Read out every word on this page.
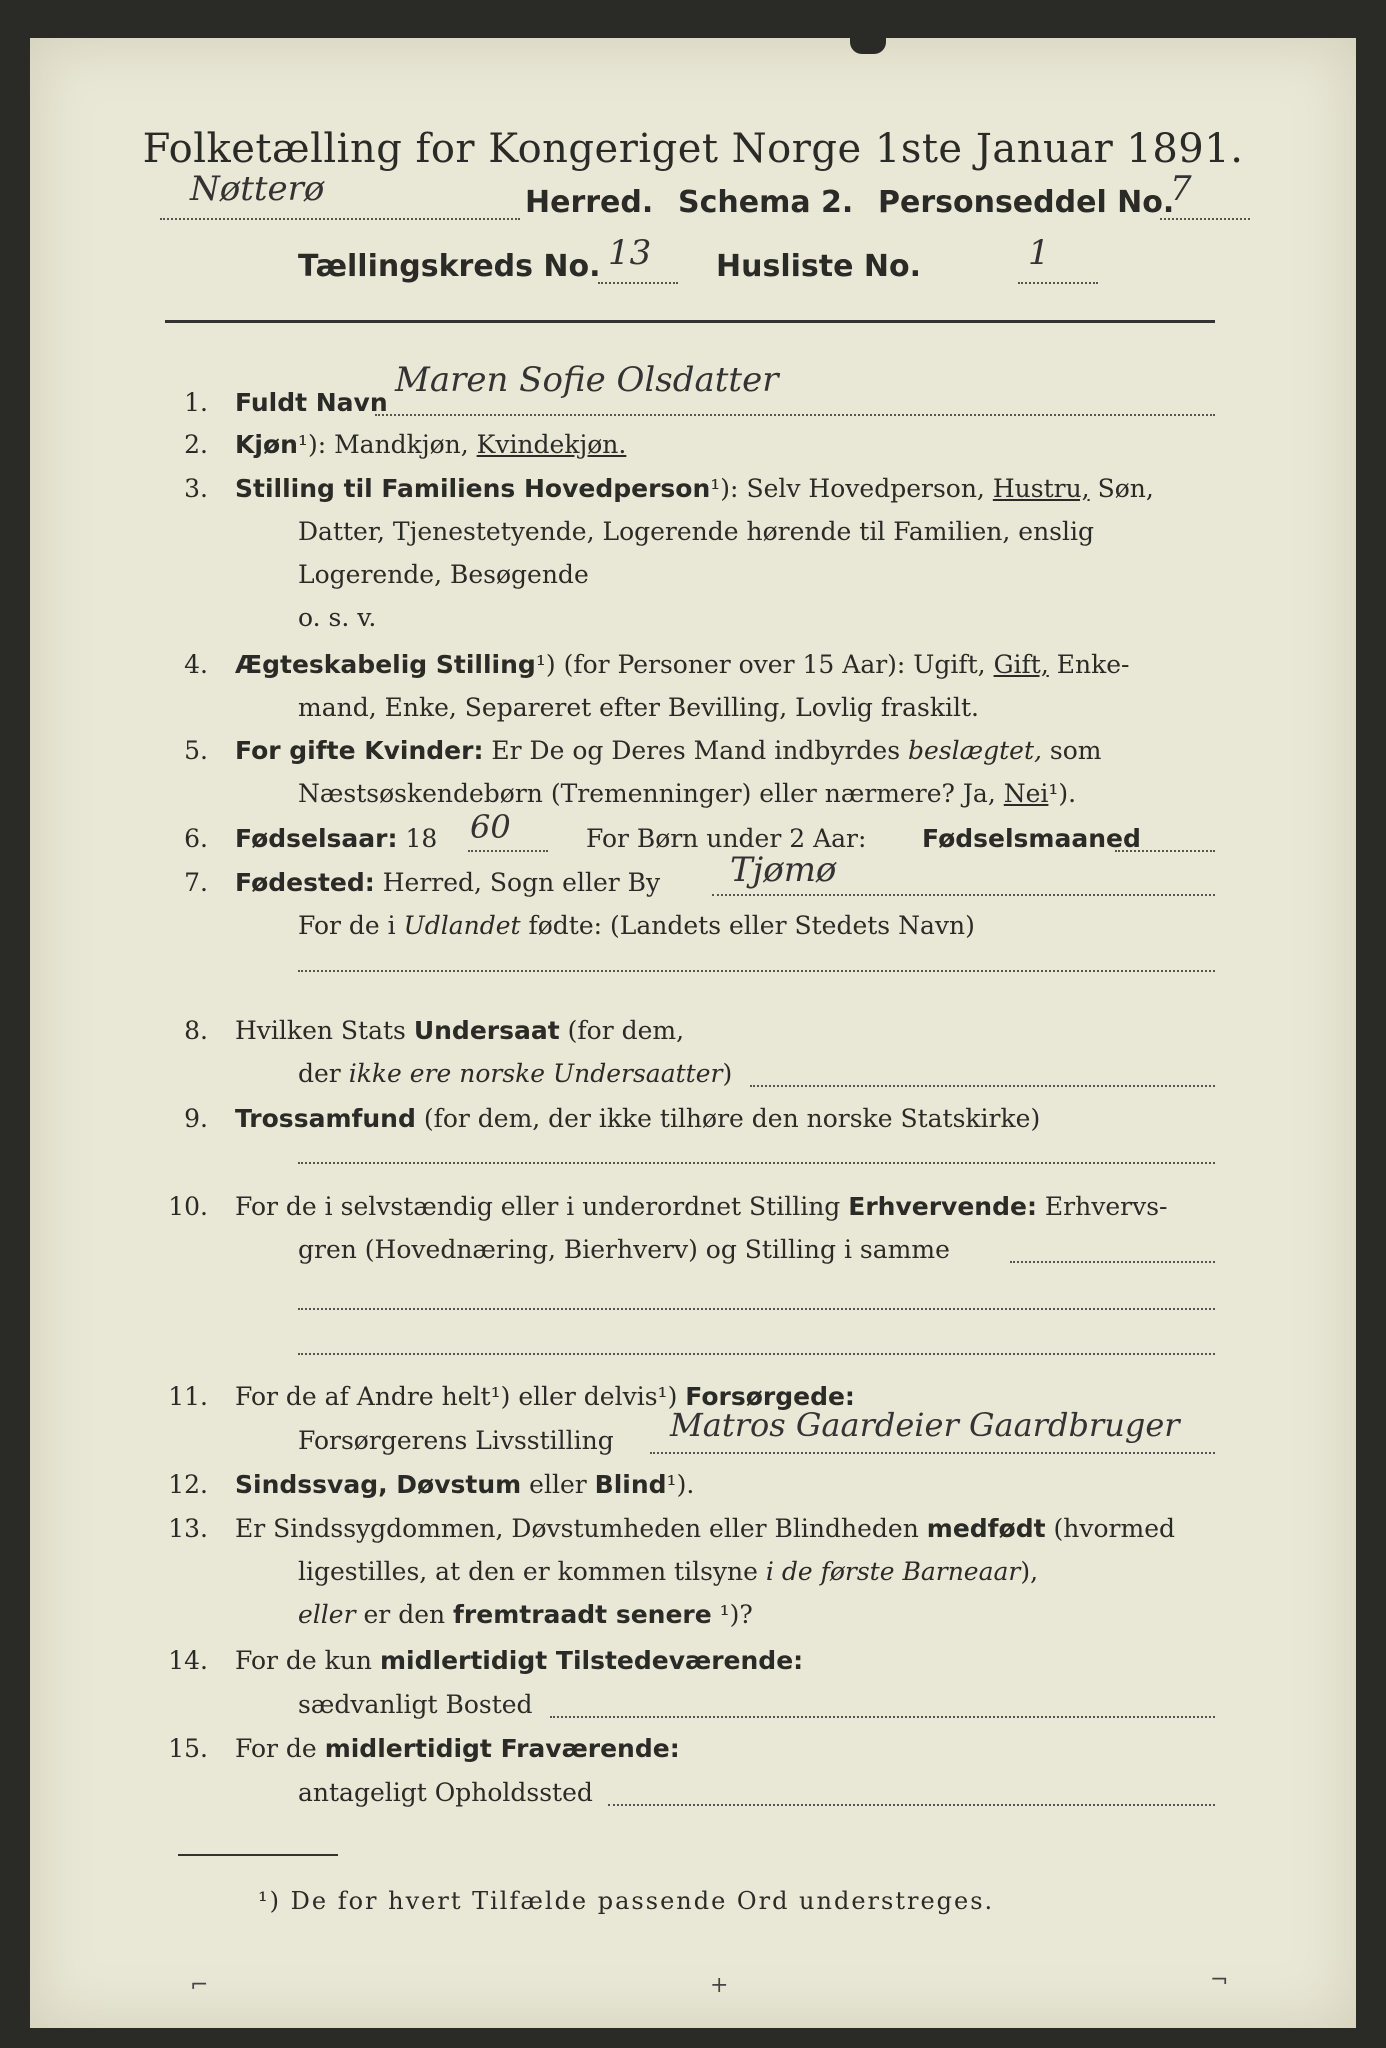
Folketælling for Kongeriget Norge 1ste Januar 1891.
Nøtterø	Herred. Schema 2. Personseddel No.
7
Tællingskreds No. 13 Husliste No.	1
1. Fuldt Navn
Maren Sofie Olsdatter
2. Kjøn¹): Mandkjøn, Kvindekjøn.
3. Stilling til Familiens Hovedperson¹): Selv Hovedperson, Hustru, Søn,
Datter, Tjenestetyende, Logerende hørende til Familien, enslig
Logerende, Besøgende
o. s. v.
4. Ægteskabelig Stilling¹) (for Personer over 15 Aar): Ugift, Gift, Enke-
mand, Enke, Separeret efter Bevilling, Lovlig fraskilt.
5. For gifte Kvinder: Er De og Deres Mand indbyrdes beslægtet, som
Næstsøskendebørn (Tremenninger) eller nærmere? Ja, Nei¹).
6. Fødselsaar: 18 60	For Børn under 2 Aar: Fødselsmaaned
7. Fødested: Herred, Sogn eller By Tjømø
For de i Udlandet fødte: (Landets eller Stedets Navn)
8. Hvilken Stats Undersaat (for dem,
der ikke ere norske Undersaatter)
9. Trossamfund (for dem, der ikke tilhøre den norske Statskirke)
10. For de i selvstændig eller i underordnet Stilling Erhvervende: Erhvervs-
gren (Hovednæring, Bierhverv) og Stilling i samme
11. For de af Andre helt¹) eller delvis¹) Forsørgede:
Forsørgerens Livsstilling Matros Gaardeier Gaardbruger
12. Sindssvag, Døvstum eller Blind¹).
13. Er Sindssygdommen, Døvstumheden eller Blindheden medfødt (hvormed
ligestilles, at den er kommen tilsyne i de første Barneaar),
eller er den fremtraadt senere ¹)?
14. For de kun midlertidigt Tilstedeværende:
sædvanligt Bosted
15. For de midlertidigt Fraværende:
antageligt Opholdssted
¹) De for hvert Tilfælde passende Ord understreges.
⌐	+	¬
